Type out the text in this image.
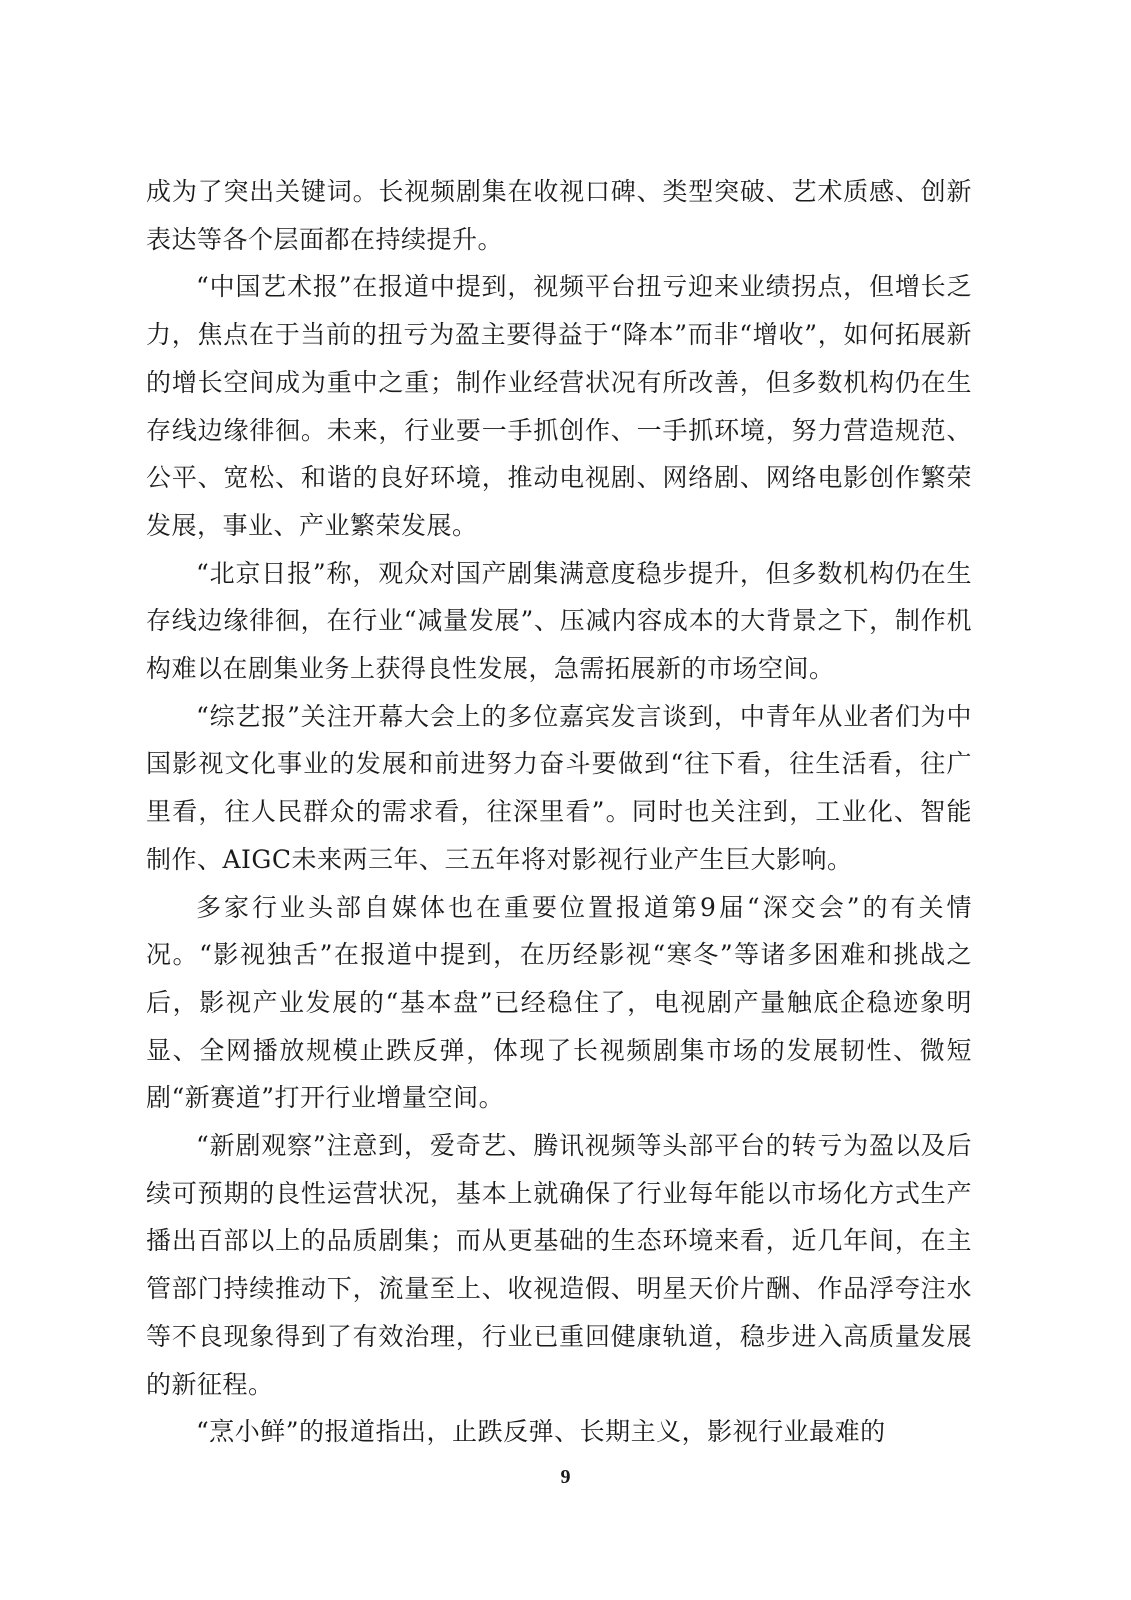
成为了突出关键词。长视频剧集在收视口碑、类型突破、艺术质感、创新表达等各个层面都在持续提升。

“中国艺术报”在报道中提到，视频平台扭亏迎来业绩拐点，但增长乏力，焦点在于当前的扭亏为盈主要得益于“降本”而非“增收”，如何拓展新的增长空间成为重中之重；制作业经营状况有所改善，但多数机构仍在生存线边缘徘徊。未来，行业要一手抓创作、一手抓环境，努力营造规范、公平、宽松、和谐的良好环境，推动电视剧、网络剧、网络电影创作繁荣发展，事业、产业繁荣发展。

“北京日报”称，观众对国产剧集满意度稳步提升，但多数机构仍在生存线边缘徘徊，在行业“减量发展”、压减内容成本的大背景之下，制作机构难以在剧集业务上获得良性发展，急需拓展新的市场空间。

“综艺报”关注开幕大会上的多位嘉宾发言谈到，中青年从业者们为中国影视文化事业的发展和前进努力奋斗要做到“往下看，往生活看，往广里看，往人民群众的需求看，往深里看”。同时也关注到，工业化、智能制作、AIGC未来两三年、三五年将对影视行业产生巨大影响。

多家行业头部自媒体也在重要位置报道第9届“深交会”的有关情况。“影视独舌”在报道中提到，在历经影视“寒冬”等诸多困难和挑战之后，影视产业发展的“基本盘”已经稳住了，电视剧产量触底企稳迹象明显、全网播放规模止跌反弹，体现了长视频剧集市场的发展韧性、微短剧“新赛道”打开行业增量空间。

“新剧观察”注意到，爱奇艺、腾讯视频等头部平台的转亏为盈以及后续可预期的良性运营状况，基本上就确保了行业每年能以市场化方式生产播出百部以上的品质剧集；而从更基础的生态环境来看，近几年间，在主管部门持续推动下，流量至上、收视造假、明星天价片酬、作品浮夸注水等不良现象得到了有效治理，行业已重回健康轨道，稳步进入高质量发展的新征程。

“烹小鲜”的报道指出，止跌反弹、长期主义，影视行业最难的

9
